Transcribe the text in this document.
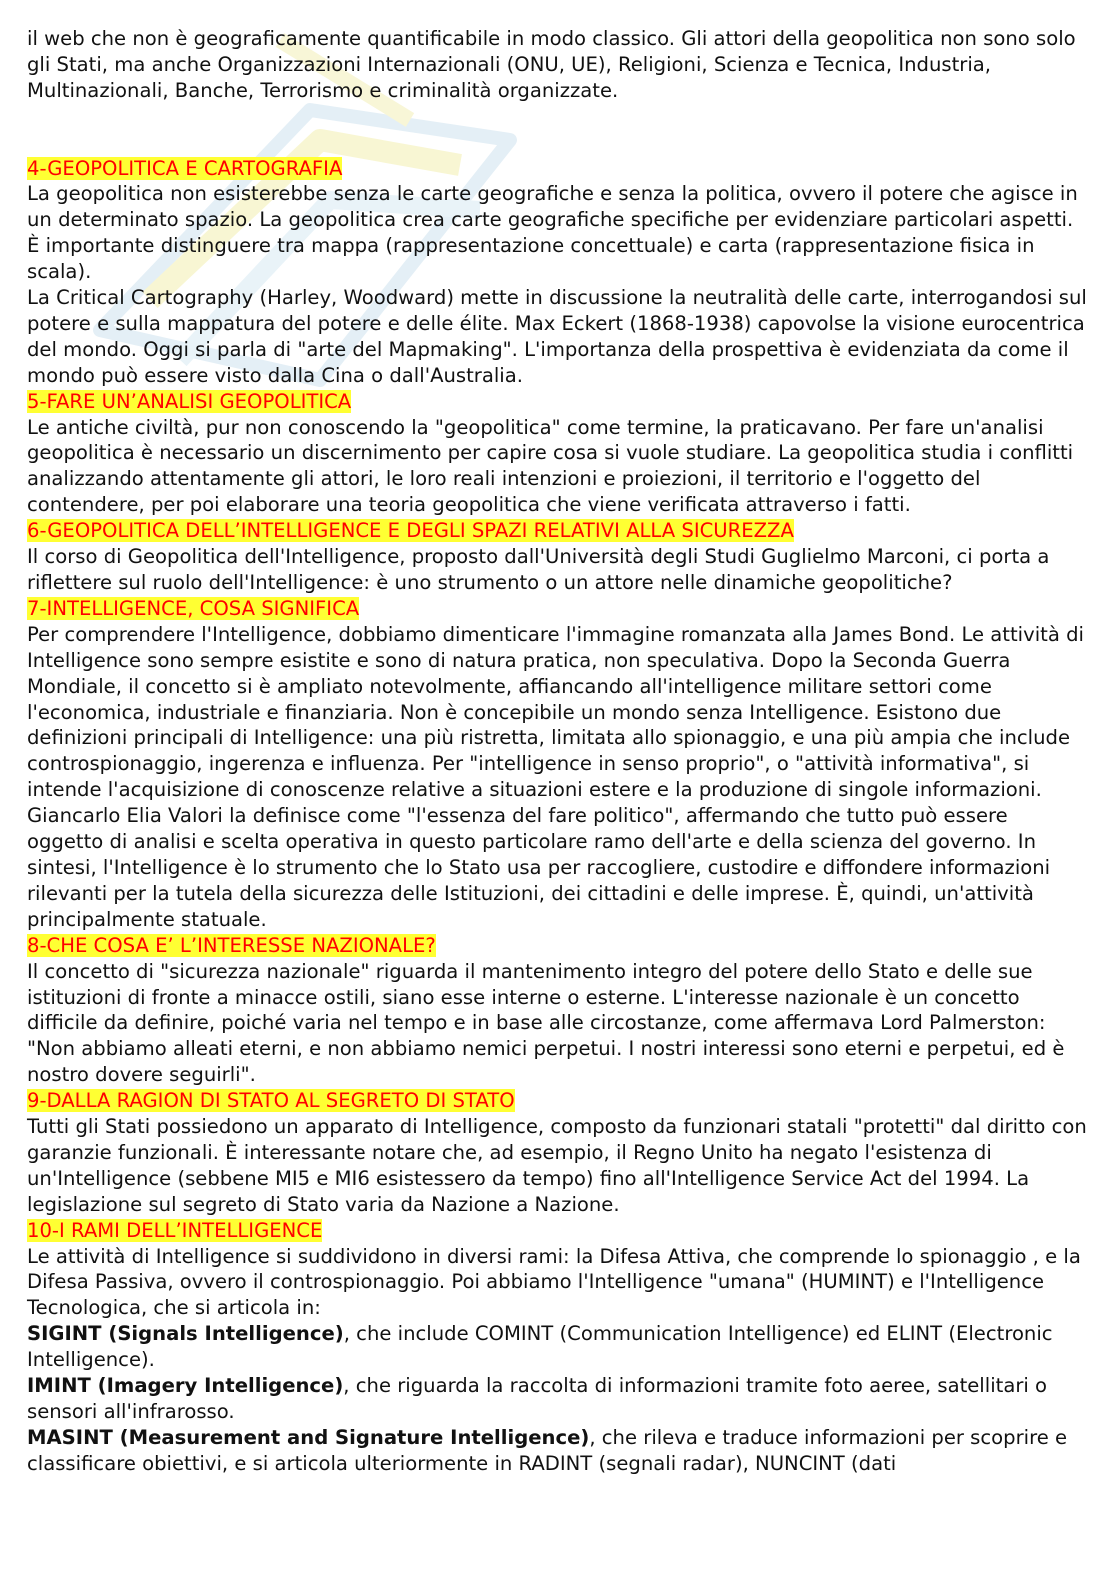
il web che non è geograficamente quantificabile in modo classico. Gli attori della geopolitica non sono solo gli Stati, ma anche Organizzazioni Internazionali (ONU, UE), Religioni, Scienza e Tecnica, Industria, Multinazionali, Banche, Terrorismo e criminalità organizzate.

4-GEOPOLITICA E CARTOGRAFIA

La geopolitica non esisterebbe senza le carte geografiche e senza la politica, ovvero il potere che agisce in un determinato spazio. La geopolitica crea carte geografiche specifiche per evidenziare particolari aspetti. È importante distinguere tra mappa (rappresentazione concettuale) e carta (rappresentazione fisica in scala).

La Critical Cartography (Harley, Woodward) mette in discussione la neutralità delle carte, interrogandosi sul potere e sulla mappatura del potere e delle élite. Max Eckert (1868-1938) capovolse la visione eurocentrica del mondo. Oggi si parla di "arte del Mapmaking". L'importanza della prospettiva è evidenziata da come il mondo può essere visto dalla Cina o dall'Australia.

5-FARE UN’ANALISI GEOPOLITICA

Le antiche civiltà, pur non conoscendo la "geopolitica" come termine, la praticavano. Per fare un'analisi geopolitica è necessario un discernimento per capire cosa si vuole studiare. La geopolitica studia i conflitti analizzando attentamente gli attori, le loro reali intenzioni e proiezioni, il territorio e l'oggetto del contendere, per poi elaborare una teoria geopolitica che viene verificata attraverso i fatti.

6-GEOPOLITICA DELL’INTELLIGENCE E DEGLI SPAZI RELATIVI ALLA SICUREZZA

Il corso di Geopolitica dell'Intelligence, proposto dall'Università degli Studi Guglielmo Marconi, ci porta a riflettere sul ruolo dell'Intelligence: è uno strumento o un attore nelle dinamiche geopolitiche?

7-INTELLIGENCE, COSA SIGNIFICA

Per comprendere l'Intelligence, dobbiamo dimenticare l'immagine romanzata alla James Bond. Le attività di Intelligence sono sempre esistite e sono di natura pratica, non speculativa. Dopo la Seconda Guerra Mondiale, il concetto si è ampliato notevolmente, affiancando all'intelligence militare settori come l'economica, industriale e finanziaria. Non è concepibile un mondo senza Intelligence. Esistono due definizioni principali di Intelligence: una più ristretta, limitata allo spionaggio, e una più ampia che include controspionaggio, ingerenza e influenza. Per "intelligence in senso proprio", o "attività informativa", si intende l'acquisizione di conoscenze relative a situazioni estere e la produzione di singole informazioni. Giancarlo Elia Valori la definisce come "l'essenza del fare politico", affermando che tutto può essere oggetto di analisi e scelta operativa in questo particolare ramo dell'arte e della scienza del governo. In sintesi, l'Intelligence è lo strumento che lo Stato usa per raccogliere, custodire e diffondere informazioni rilevanti per la tutela della sicurezza delle Istituzioni, dei cittadini e delle imprese. È, quindi, un'attività principalmente statuale.

8-CHE COSA E’ L’INTERESSE NAZIONALE?

Il concetto di "sicurezza nazionale" riguarda il mantenimento integro del potere dello Stato e delle sue istituzioni di fronte a minacce ostili, siano esse interne o esterne. L'interesse nazionale è un concetto difficile da definire, poiché varia nel tempo e in base alle circostanze, come affermava Lord Palmerston: "Non abbiamo alleati eterni, e non abbiamo nemici perpetui. I nostri interessi sono eterni e perpetui, ed è nostro dovere seguirli".

9-DALLA RAGION DI STATO AL SEGRETO DI STATO

Tutti gli Stati possiedono un apparato di Intelligence, composto da funzionari statali "protetti" dal diritto con garanzie funzionali. È interessante notare che, ad esempio, il Regno Unito ha negato l'esistenza di un'Intelligence (sebbene MI5 e MI6 esistessero da tempo) fino all'Intelligence Service Act del 1994. La legislazione sul segreto di Stato varia da Nazione a Nazione.

10-I RAMI DELL’INTELLIGENCE

Le attività di Intelligence si suddividono in diversi rami: la Difesa Attiva, che comprende lo spionaggio , e la Difesa Passiva, ovvero il controspionaggio. Poi abbiamo l'Intelligence "umana" (HUMINT) e l'Intelligence Tecnologica, che si articola in:

SIGINT (Signals Intelligence), che include COMINT (Communication Intelligence) ed ELINT (Electronic Intelligence).

IMINT (Imagery Intelligence), che riguarda la raccolta di informazioni tramite foto aeree, satellitari o sensori all'infrarosso.

MASINT (Measurement and Signature Intelligence), che rileva e traduce informazioni per scoprire e classificare obiettivi, e si articola ulteriormente in RADINT (segnali radar), NUNCINT (dati
